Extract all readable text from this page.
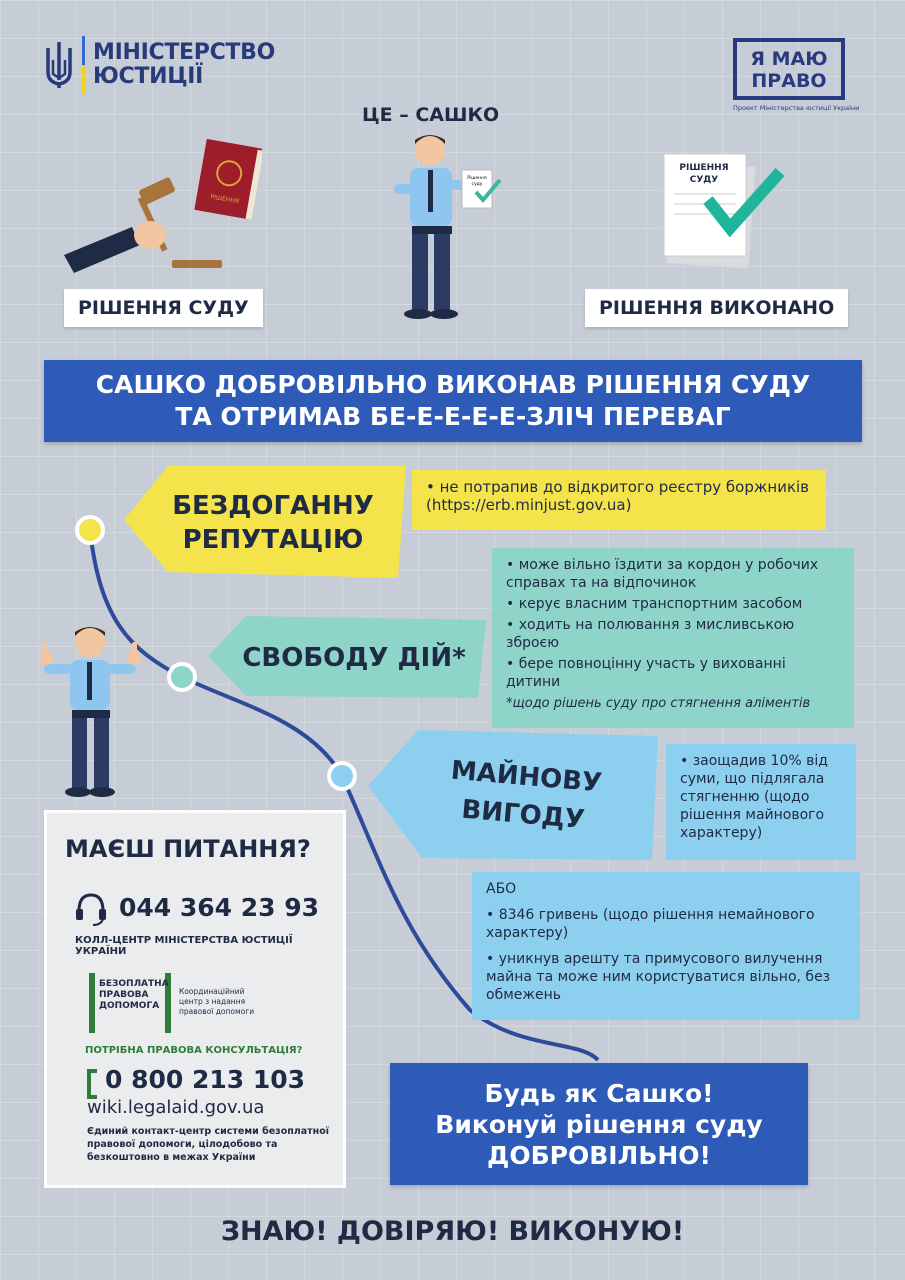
МІНІСТЕРСТВО
ЮСТИЦІЇ
Я МАЮ
ПРАВО
Проект Міністерства юстиції України
РІШЕННЯ
ЦЕ – САШКО
Рішення
суду
РІШЕННЯ
СУДУ
РІШЕННЯ СУДУ	РІШЕННЯ ВИКОНАНО
САШКО ДОБРОВІЛЬНО ВИКОНАВ РІШЕННЯ СУДУ
ТА ОТРИМАВ БЕ-Е-Е-Е-Е-ЗЛІЧ ПЕРЕВАГ
БЕЗДОГАННУ
РЕПУТАЦІЮ
• не потрапив до відкритого реєстру боржників
(https://erb.minjust.gov.ua)
СВОБОДУ ДІЙ*
• може вільно їздити за кордон у робочих
справах та на відпочинок
• керує власним транспортним засобом
• ходить на полювання з мисливською
зброєю
• бере повноцінну участь у вихованні
дитини
*щодо рішень суду про стягнення аліментів
МАЙНОВУ
ВИГОДУ
• заощадив 10% від
суми, що підлягала
стягненню (щодо
рішення майнового
характеру)
АБО
• 8346 гривень (щодо рішення немайнового
характеру)
• уникнув арешту та примусового вилучення
майна та може ним користуватися вільно, без
обмежень
МАЄШ ПИТАННЯ?
044 364 23 93
КОЛЛ-ЦЕНТР МІНІСТЕРСТВА ЮСТИЦІЇ УКРАЇНИ
БЕЗОПЛАТНА
ПРАВОВА
ДОПОМОГА
Координаційний
центр з надання
правової допомоги
ПОТРІБНА ПРАВОВА КОНСУЛЬТАЦІЯ?
0 800 213 103
wiki.legalaid.gov.ua
Єдиний контакт-центр системи безоплатної
правової допомоги, цілодобово та
безкоштовно в межах України
Будь як Сашко!
Виконуй рішення суду
ДОБРОВІЛЬНО!
ЗНАЮ! ДОВІРЯЮ! ВИКОНУЮ!
